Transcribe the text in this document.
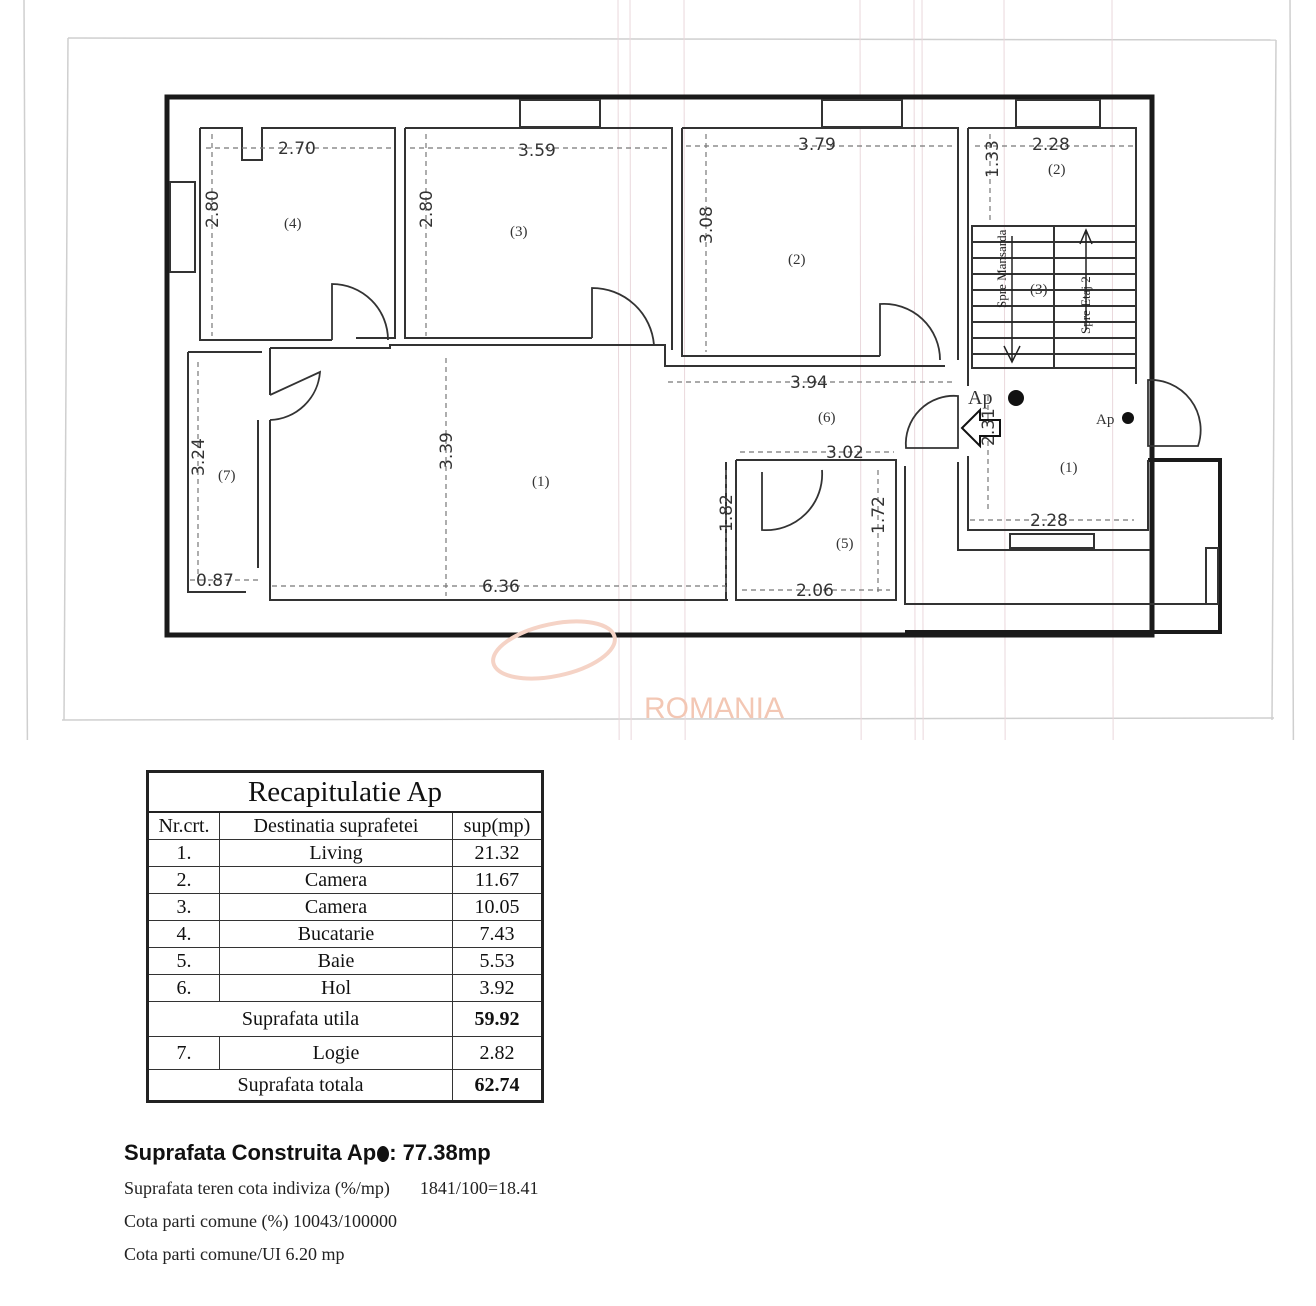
2.70	3.59	3.79	2.28
1.33
2.80	2.80	3.08
3.94
3.02
2.31
2.28
3.24	3.39
1.82	1.72
0.87	6.36	2.06
(4)	(3)
(2)
(2)
(3)
(6)
(1)
(1)
(7)
(5)
Spre Mansarda	Spre Etaj 2
Ap
Ap
ROMANIA
Recapitulatie Ap		
Nr.crt.	Destinatia suprafetei	sup(mp)
1.	Living	21.32
2.	Camera	11.67
3.	Camera	10.05
4.	Bucatarie	7.43
5.	Baie	5.53
6.	Hol	3.92
Suprafata utila		59.92
7.	Logie	2.82
Suprafata totala		62.74

Suprafata Construita Ap : 77.38mp

Suprafata teren cota indiviza (%/mp) 1841/100=18.41

Cota parti comune (%) 10043/100000

Cota parti comune/UI 6.20 mp
